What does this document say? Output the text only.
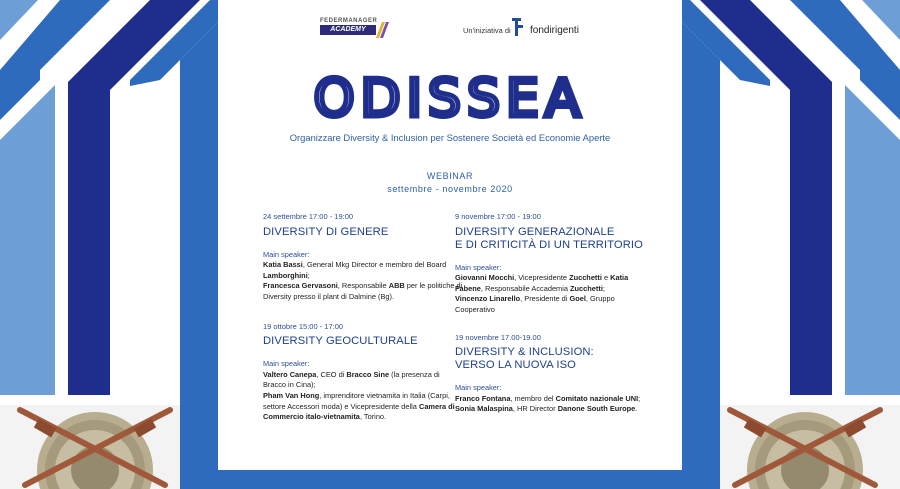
FEDERMANAGER
ACADEMY	Un'iniziativa di fondirigenti
ODISSEA
Organizzare Diversity & Inclusion per Sostenere Società ed Economie Aperte
WEBINAR
settembre - novembre 2020
24 settembre 17:00 - 19:00
DIVERSITY DI GENERE
Main speaker:
Katia Bassi, General Mkg Director e membro del Board Lamborghini;
Francesca Gervasoni, Responsabile ABB per le politiche di Diversity presso il plant di Dalmine (Bg).
19 ottobre 15:00 - 17:00
DIVERSITY GEOCULTURALE
Main speaker:
Valtero Canepa, CEO di Bracco Sine (la presenza di Bracco in Cina);
Pham Van Hong, imprenditore vietnamita in Italia (Carpi, settore Accessori moda) e Vicepresidente della Camera di Commercio italo-vietnamita, Torino.
9 novembre 17:00 - 19:00
DIVERSITY GENERAZIONALE
E DI CRITICITÀ DI UN TERRITORIO
Main speaker:
Giovanni Mocchi, Vicepresidente Zucchetti e Katia Fabene, Responsabile Accademia Zucchetti;
Vincenzo Linarello, Presidente di Goel, Gruppo Cooperativo
19 novembre 17.00-19.00
DIVERSITY & INCLUSION:
VERSO LA NUOVA ISO
Main speaker:
Franco Fontana, membro del Comitato nazionale UNI;
Sonia Malaspina, HR Director Danone South Europe.
